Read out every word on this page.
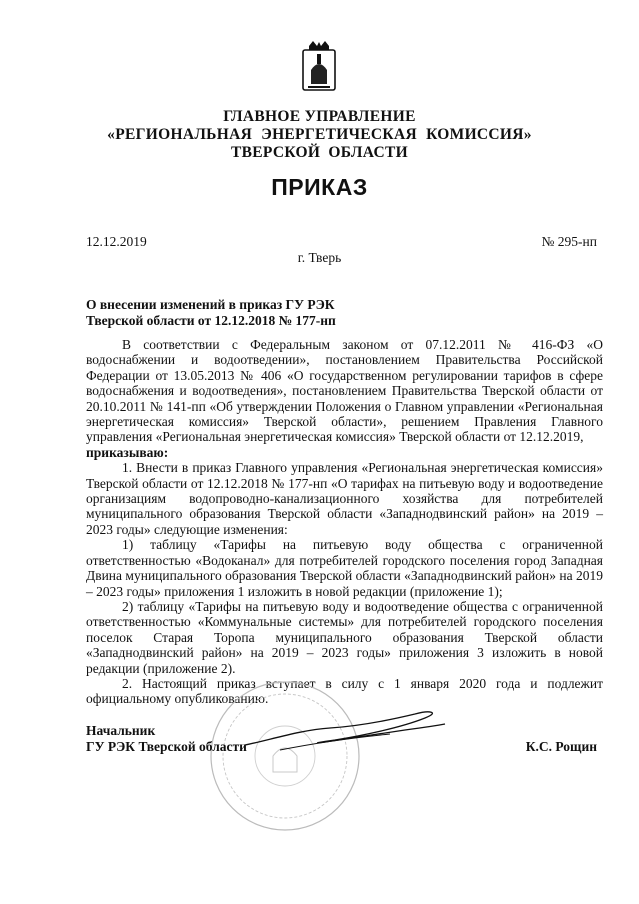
ГЛАВНОЕ УПРАВЛЕНИЕ
«РЕГИОНАЛЬНАЯ ЭНЕРГЕТИЧЕСКАЯ КОМИССИЯ»
ТВЕРСКОЙ ОБЛАСТИ
ПРИКАЗ
12.12.2019	№ 295-нп
г. Тверь
О внесении изменений в приказ ГУ РЭК
Тверской области от 12.12.2018 № 177-нп

В соответствии с Федеральным законом от 07.12.2011 № 416-ФЗ «О водоснабжении и водоотведении», постановлением Правительства Российской Федерации от 13.05.2013 № 406 «О государственном регулировании тарифов в сфере водоснабжения и водоотведения», постановлением Правительства Тверской области от 20.10.2011 № 141-пп «Об утверждении Положения о Главном управлении «Региональная энергетическая комиссия» Тверской области», решением Правления Главного управления «Региональная энергетическая комиссия» Тверской области от 12.12.2019,

приказываю:

1. Внести в приказ Главного управления «Региональная энергетическая комиссия» Тверской области от 12.12.2018 № 177-нп «О тарифах на питьевую воду и водоотведение организациям водопроводно-канализационного хозяйства для потребителей муниципального образования Тверской области «Западнодвинский район» на 2019 – 2023 годы» следующие изменения:

1) таблицу «Тарифы на питьевую воду общества с ограниченной ответственностью «Водоканал» для потребителей городского поселения город Западная Двина муниципального образования Тверской области «Западнодвинский район» на 2019 – 2023 годы» приложения 1 изложить в новой редакции (приложение 1);

2) таблицу «Тарифы на питьевую воду и водоотведение общества с ограниченной ответственностью «Коммунальные системы» для потребителей городского поселения поселок Старая Торопа муниципального образования Тверской области «Западнодвинский район» на 2019 – 2023 годы» приложения 3 изложить в новой редакции (приложение 2).

2. Настоящий приказ вступает в силу с 1 января 2020 года и подлежит официальному опубликованию.

Начальник
ГУ РЭК Тверской области	К.С. Рощин
